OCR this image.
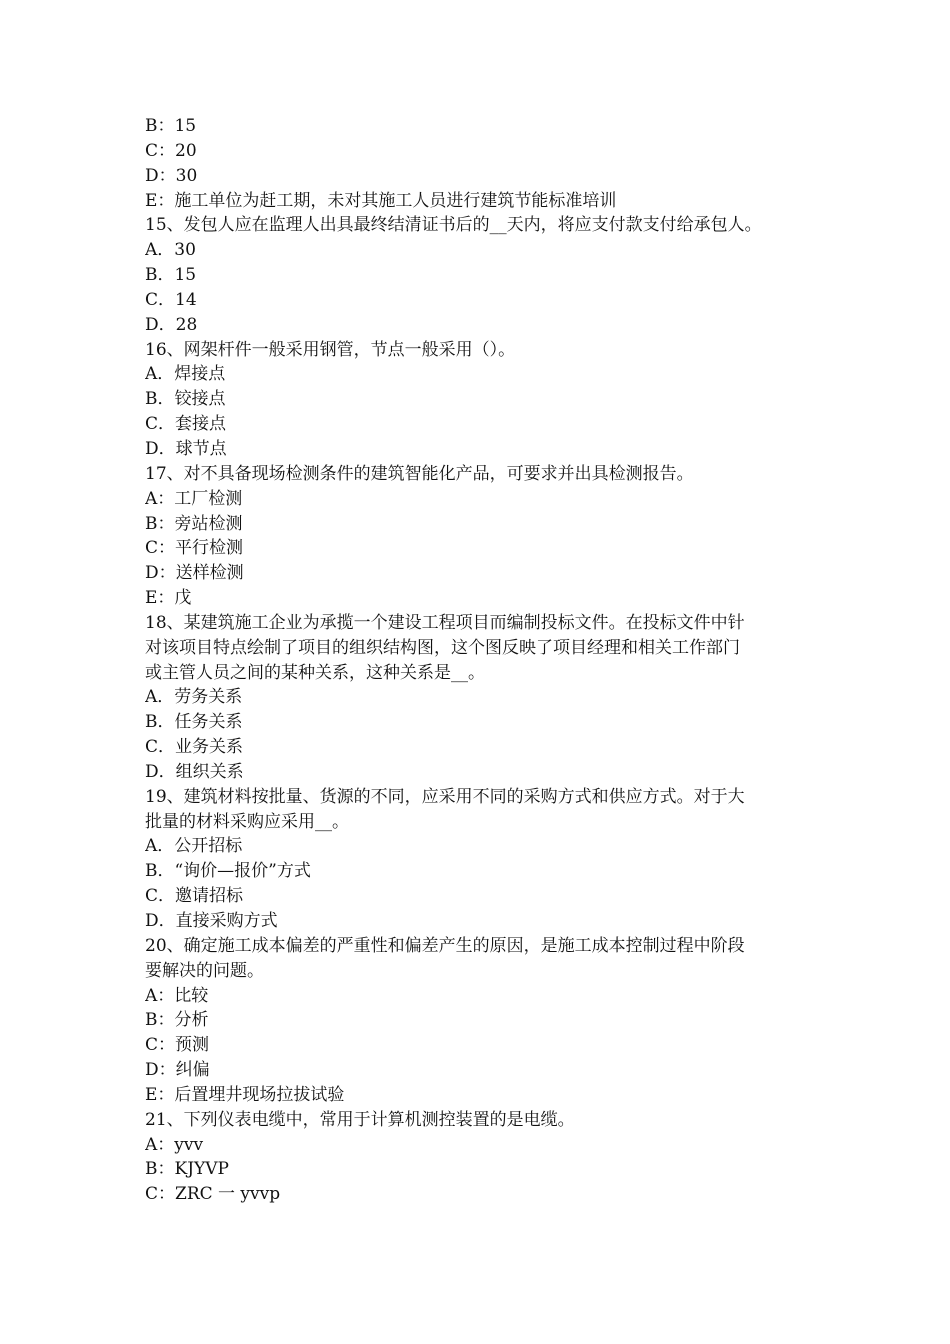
B：15
C：20
D：30
E：施工单位为赶工期，未对其施工人员进行建筑节能标准培训
15、发包人应在监理人出具最终结清证书后的__天内，将应支付款支付给承包人。
A．30
B．15
C．14
D．28
16、网架杆件一般采用钢管，节点一般采用（）。
A．焊接点
B．铰接点
C．套接点
D．球节点
17、对不具备现场检测条件的建筑智能化产品，可要求并出具检测报告。
A：工厂检测
B：旁站检测
C：平行检测
D：送样检测
E：戊
18、某建筑施工企业为承揽一个建设工程项目而编制投标文件。在投标文件中针
对该项目特点绘制了项目的组织结构图，这个图反映了项目经理和相关工作部门
或主管人员之间的某种关系，这种关系是__。
A．劳务关系
B．任务关系
C．业务关系
D．组织关系
19、建筑材料按批量、货源的不同，应采用不同的采购方式和供应方式。对于大
批量的材料采购应采用__。
A．公开招标
B．“询价—报价”方式
C．邀请招标
D．直接采购方式
20、确定施工成本偏差的严重性和偏差产生的原因，是施工成本控制过程中阶段
要解决的问题。
A：比较
B：分析
C：预测
D：纠偏
E：后置埋井现场拉拔试验
21、下列仪表电缆中，常用于计算机测控装置的是电缆。
A：yvv
B：KJYVP
C：ZRC 一 yvvp
